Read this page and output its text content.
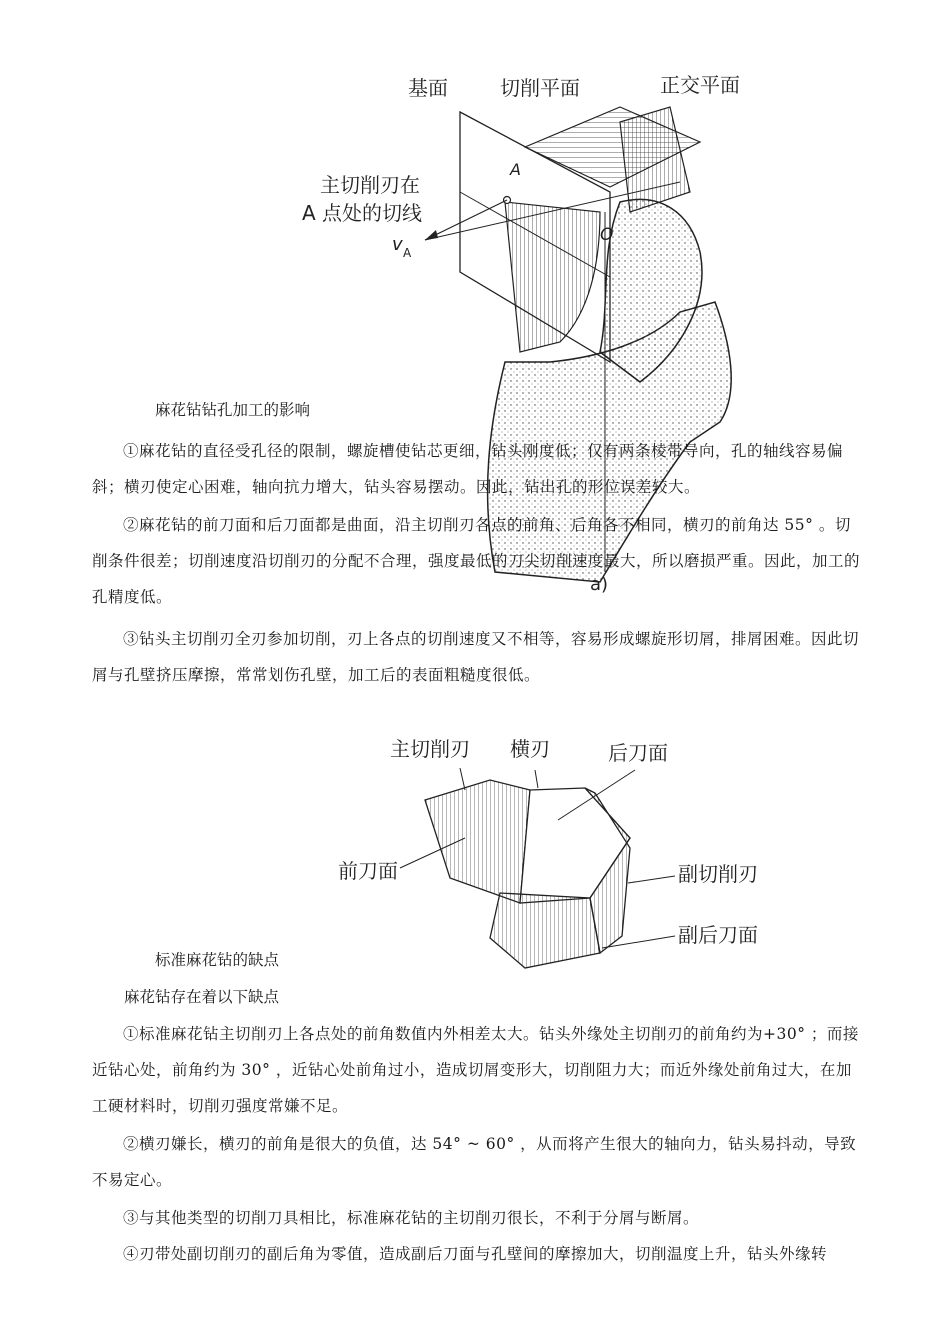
基面	切削平面	正交平面
主切削刃在
A 点处的切线
A
O
v A
a)
麻花钻钻孔加工的影响

①麻花钻的直径受孔径的限制，螺旋槽使钻芯更细，钻头刚度低；仅有两条棱带导向，孔的轴线容易偏斜；横刃使定心困难，轴向抗力增大，钻头容易摆动。因此，钻出孔的形位误差较大。

②麻花钻的前刀面和后刀面都是曲面，沿主切削刃各点的前角、后角各不相同，横刃的前角达 55° 。切削条件很差；切削速度沿切削刃的分配不合理，强度最低的刀尖切削速度最大，所以磨损严重。因此，加工的孔精度低。

③钻头主切削刃全刃参加切削，刃上各点的切削速度又不相等，容易形成螺旋形切屑，排屑困难。因此切屑与孔壁挤压摩擦，常常划伤孔壁，加工后的表面粗糙度很低。

主切削刃 横刃	后刀面
前刀面	副切削刃
副后刀面
标准麻花钻的缺点
麻花钻存在着以下缺点

①标准麻花钻主切削刃上各点处的前角数值内外相差太大。钻头外缘处主切削刃的前角约为+30° ；而接近钻心处，前角约为 30° ，近钻心处前角过小，造成切屑变形大，切削阻力大；而近外缘处前角过大，在加工硬材料时，切削刃强度常嫌不足。

②横刃嫌长，横刃的前角是很大的负值，达 54° ~ 60° ，从而将产生很大的轴向力，钻头易抖动，导致不易定心。

③与其他类型的切削刀具相比，标准麻花钻的主切削刃很长，不利于分屑与断屑。

④刃带处副切削刃的副后角为零值，造成副后刀面与孔壁间的摩擦加大，切削温度上升，钻头外缘转
